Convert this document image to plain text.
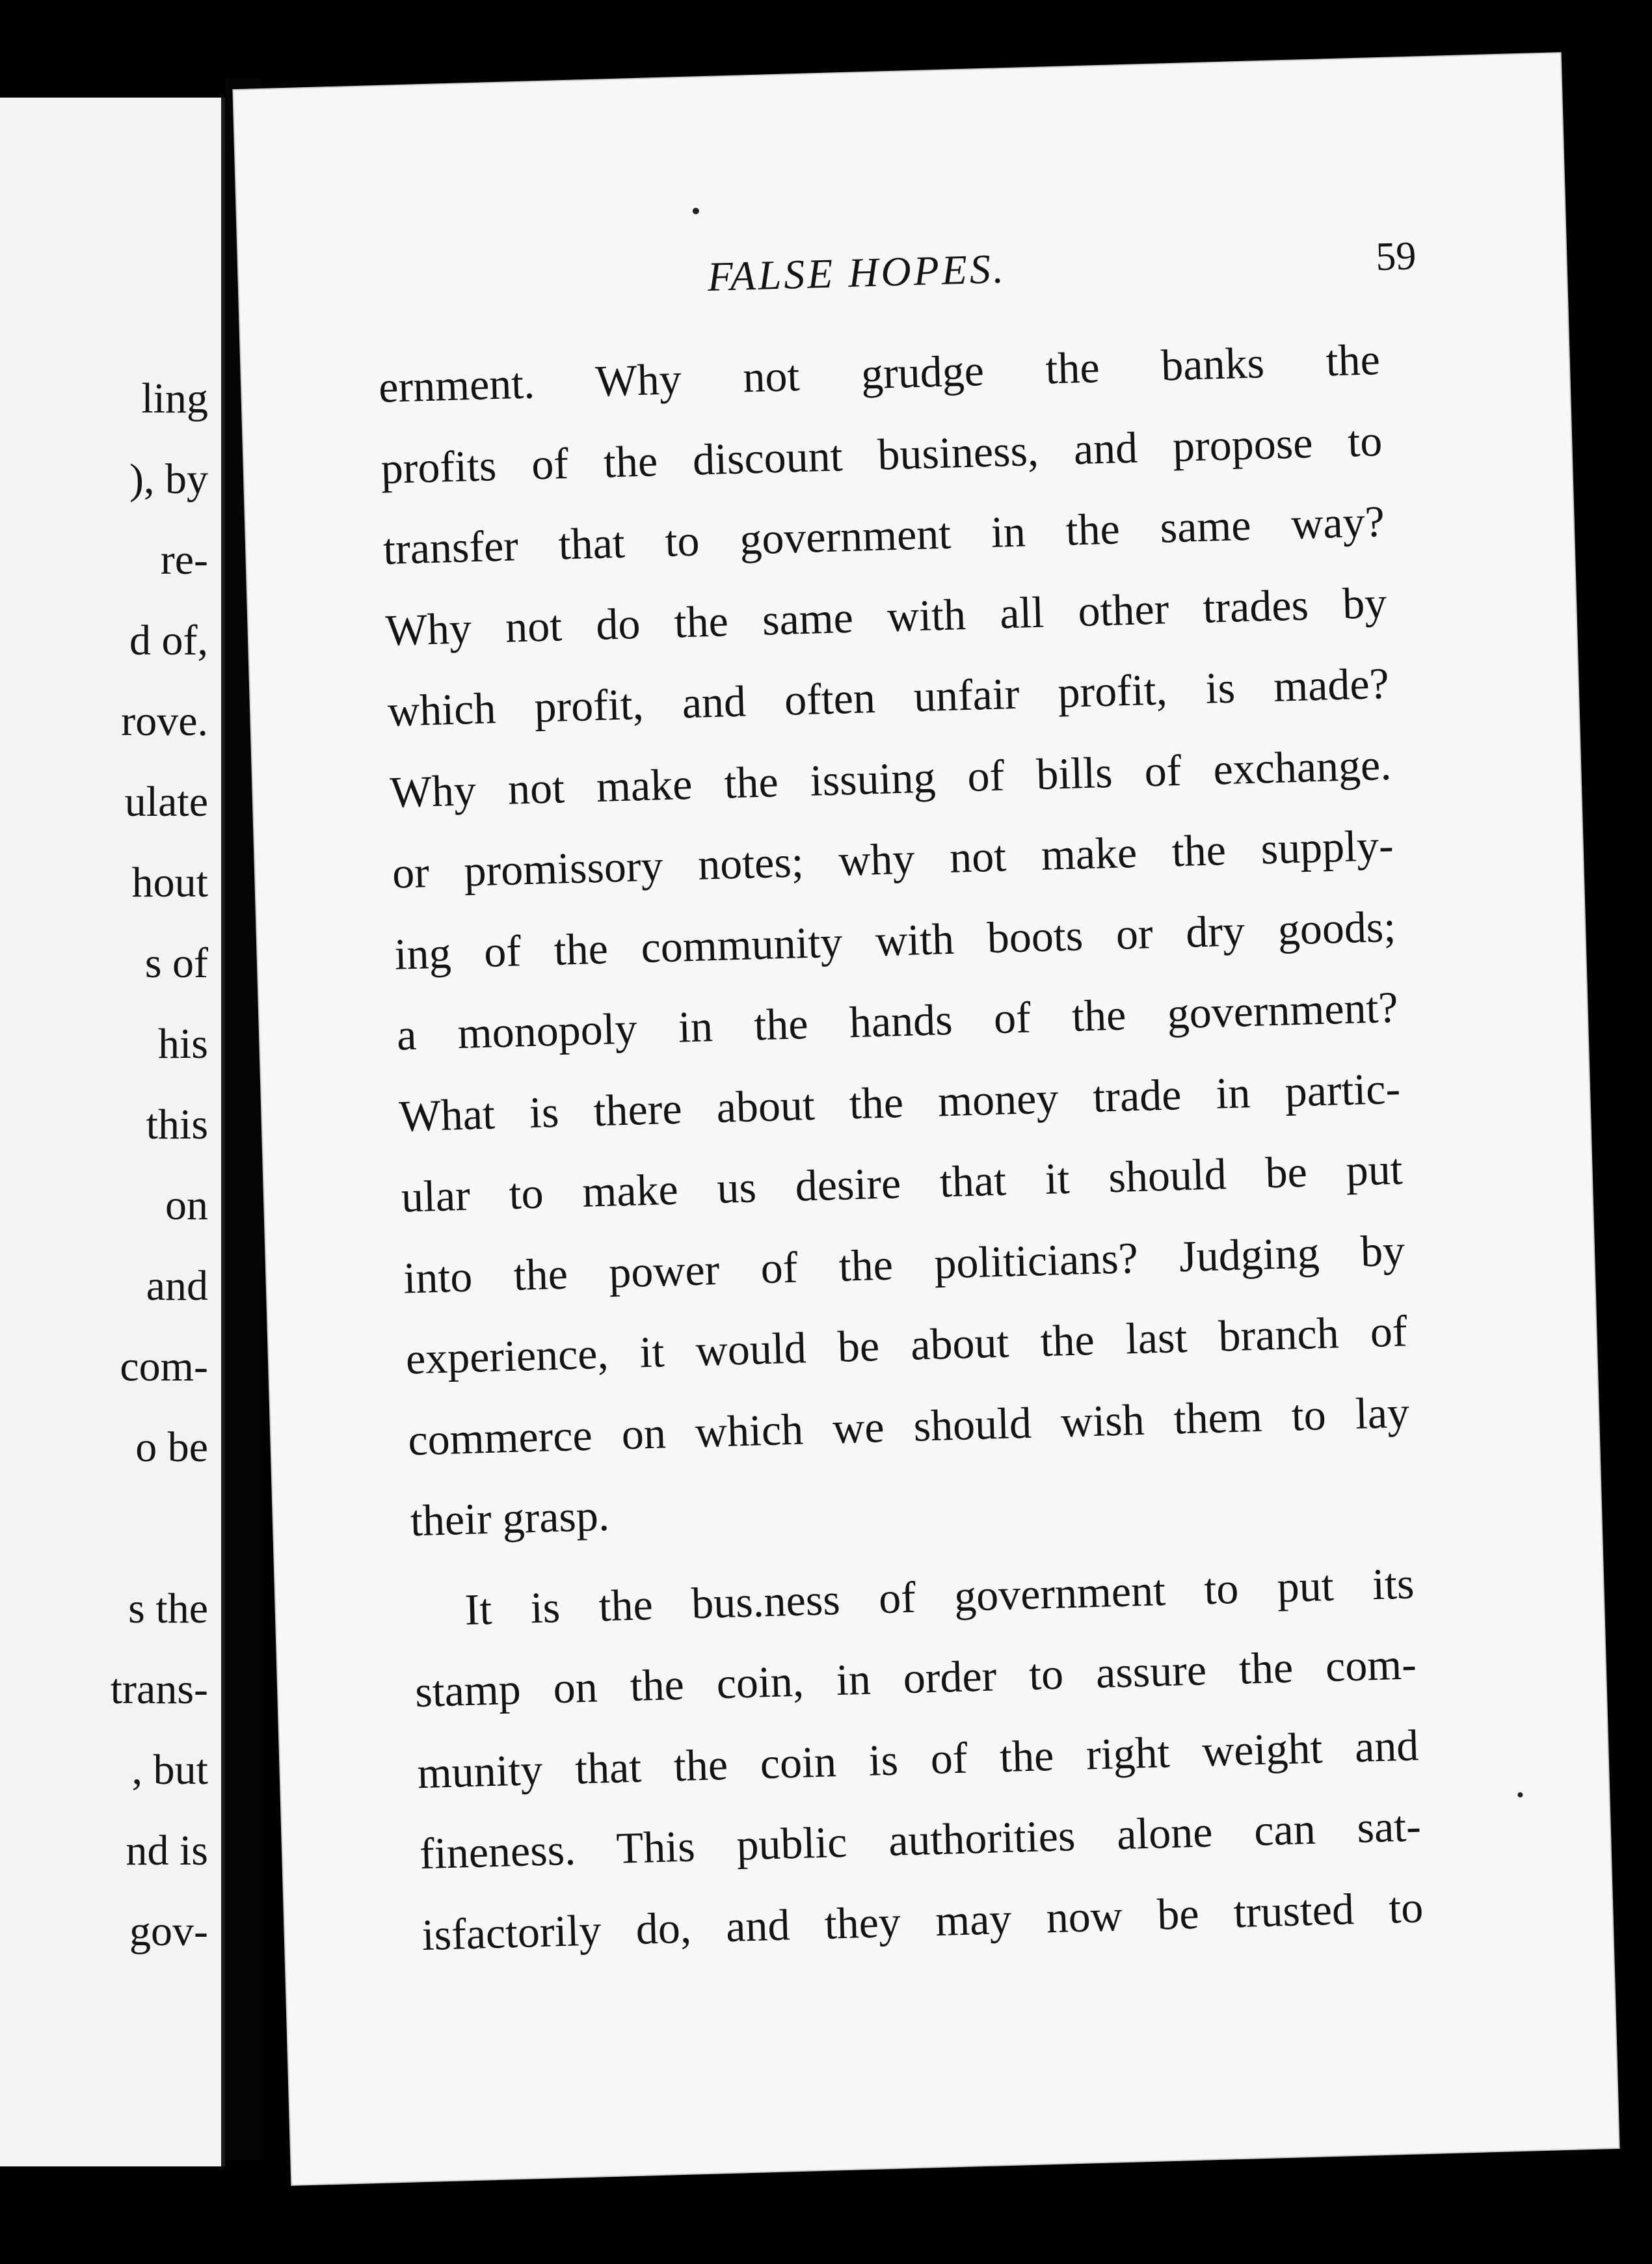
ling
), by
re-
d of,
rove.
ulate
hout
s of
his
this
on
and
com-
o be
s the
trans-
, but
nd is
gov-
FALSE HOPES.	59
ernment. Why not grudge the banks the
profits of the discount business, and propose to
transfer that to government in the same way?
Why not do the same with all other trades by
which profit, and often unfair profit, is made?
Why not make the issuing of bills of exchange.
or promissory notes; why not make the supply-
ing of the community with boots or dry goods;
a monopoly in the hands of the government?
What is there about the money trade in partic-
ular to make us desire that it should be put
into the power of the politicians? Judging by
experience, it would be about the last branch of
commerce on which we should wish them to lay
their grasp.
It is the bus.ness of government to put its
stamp on the coin, in order to assure the com-
munity that the coin is of the right weight and
fineness. This public authorities alone can sat-
isfactorily do, and they may now be trusted to
